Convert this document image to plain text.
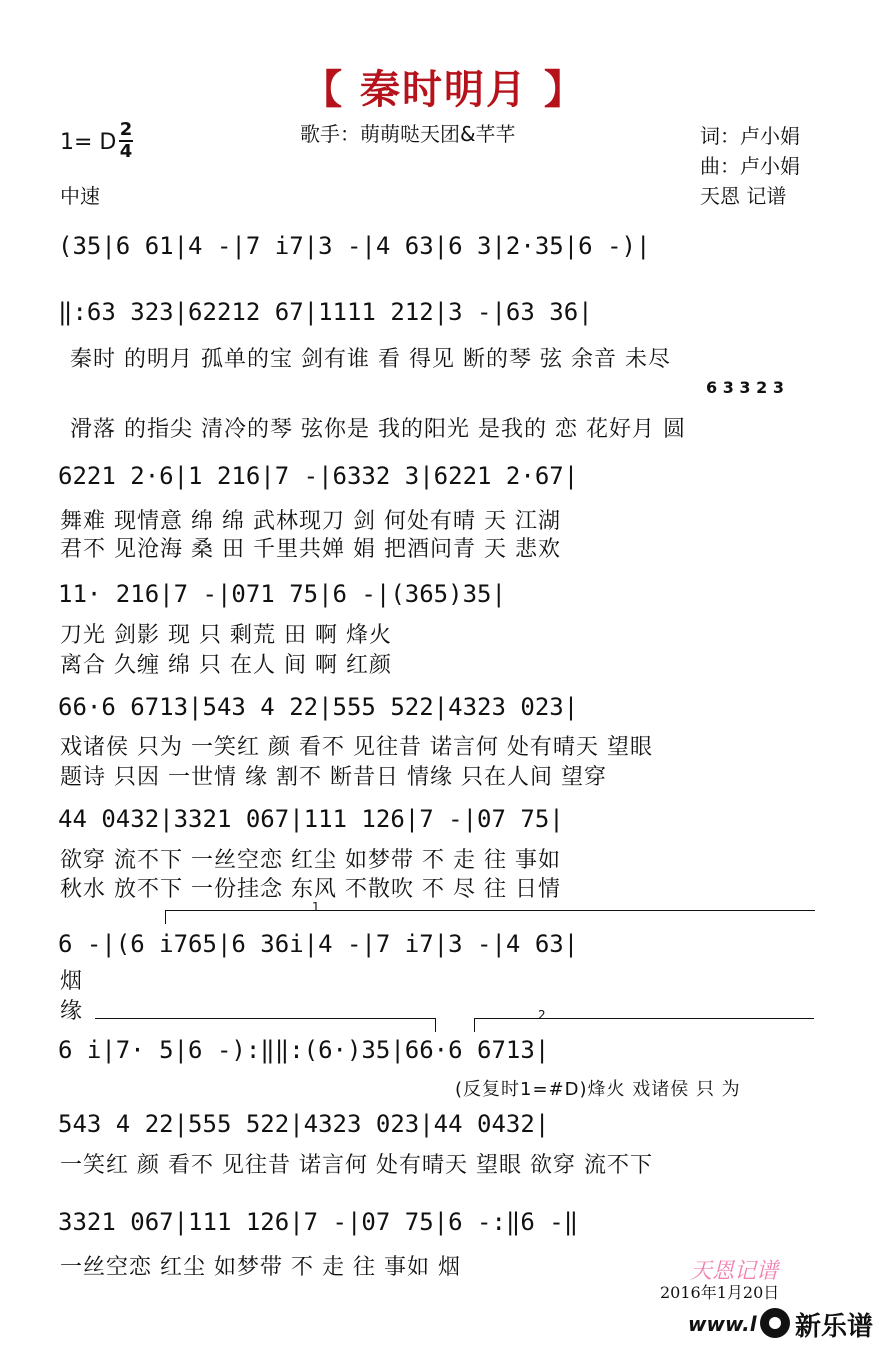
【 秦时明月 】
1= D
2
4
中速
歌手：萌萌哒天团&芊芊	词：卢小娟
曲：卢小娟
天恩 记谱
(35|6 61|4 -|7 i7|3 -|4 63|6 3|2·35|6 -)|
‖:63 323|62212 67|1111 212|3 -|63 36|
秦时 的明月 孤单的宝 剑有谁 看 得见 断的琴 弦 余音 未尽
6 3 3 2 3
滑落 的指尖 清冷的琴 弦你是 我的阳光 是我的 恋 花好月 圆
6221 2·6|1 216|7 -|6332 3|6221 2·67|
舞难 现情意 绵 绵 武林现刀 剑 何处有晴 天 江湖
君不 见沧海 桑 田 千里共婵 娟 把酒问青 天 悲欢
11· 216|7 -|071 75|6 -|(365)35|
刀光 剑影 现 只 剩荒 田 啊 烽火
离合 久缠 绵 只 在人 间 啊 红颜
66·6 6713|543 4 22|555 522|4323 023|
戏诸侯 只为 一笑红 颜 看不 见往昔 诺言何 处有晴天 望眼
题诗 只因 一世情 缘 割不 断昔日 情缘 只在人间 望穿
44 0432|3321 067|111 126|7 -|07 75|
欲穿 流不下 一丝空恋 红尘 如梦带 不 走 往 事如
秋水 放不下 一份挂念 东风 不散吹 不 尽 往 日情
1
6 -|(6 i765|6 36i|4 -|7 i7|3 -|4 63|
烟
缘	2
6 i|7· 5|6 -):‖‖:(6·)35|66·6 6713|
(反复时1=#D)烽火 戏诸侯 只 为
543 4 22|555 522|4323 023|44 0432|
一笑红 颜 看不 见往昔 诺言何 处有晴天 望眼 欲穿 流不下
3321 067|111 126|7 -|07 75|6 -:‖6 -‖
一丝空恋 红尘 如梦带 不 走 往 事如 烟	天恩记谱
2016年1月20日
www.l 新乐谱
